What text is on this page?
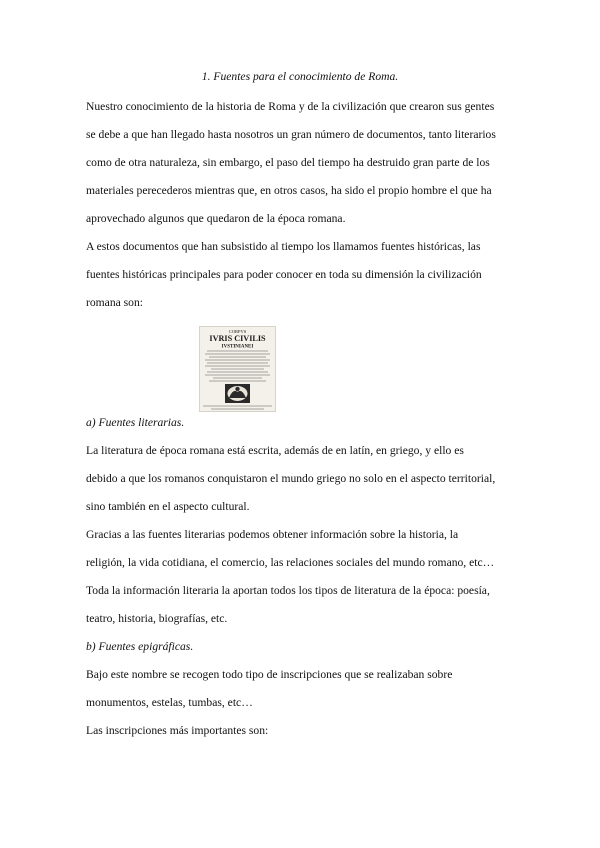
1. Fuentes para el conocimiento de Roma.
Nuestro conocimiento de la historia de Roma y de la civilización que crearon sus gentes
se debe a que han llegado hasta nosotros un gran número de documentos, tanto literarios
como de otra naturaleza, sin embargo, el paso del tiempo ha destruido gran parte de los
materiales perecederos mientras que, en otros casos, ha sido el propio hombre el que ha
aprovechado algunos que quedaron de la época romana.
A estos documentos que han subsistido al tiempo los llamamos fuentes históricas, las
fuentes históricas principales para poder conocer en toda su dimensión la civilización
romana son:
CORPVS
IVRIS CIVILIS
IVSTINIANEI
a) Fuentes literarias.
La literatura de época romana está escrita, además de en latín, en griego, y ello es
debido a que los romanos conquistaron el mundo griego no solo en el aspecto territorial,
sino también en el aspecto cultural.
Gracias a las fuentes literarias podemos obtener información sobre la historia, la
religión, la vida cotidiana, el comercio, las relaciones sociales del mundo romano, etc…
Toda la información literaria la aportan todos los tipos de literatura de la época: poesía,
teatro, historia, biografías, etc.
b) Fuentes epigráficas.
Bajo este nombre se recogen todo tipo de inscripciones que se realizaban sobre
monumentos, estelas, tumbas, etc…
Las inscripciones más importantes son:
